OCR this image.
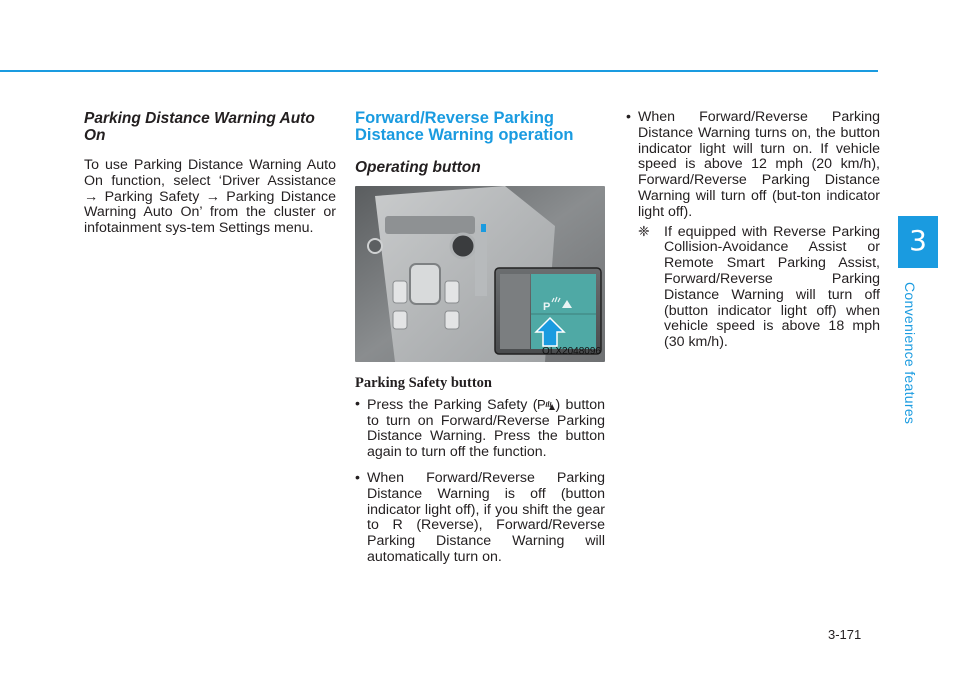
3
Convenience features
Parking Distance Warning Auto On

To use Parking Distance Warning Auto On function, select ‘Driver Assistance → Parking Safety → Parking Distance Warning Auto On’ from the cluster or infotainment sys-tem Settings menu.

Forward/Reverse Parking Distance Warning operation
Operating button
P
OLX2048096
Parking Safety button
• Press the Parking Safety ( P ) button to turn on Forward/Reverse Parking Distance Warning. Press the button again to turn off the function.
• When Forward/Reverse Parking Distance Warning is off (button indicator light off), if you shift the gear to R (Reverse), Forward/Reverse Parking Distance Warning will automatically turn on.
• When Forward/Reverse Parking Distance Warning turns on, the button indicator light will turn on. If vehicle speed is above 12 mph (20 km/h), Forward/Reverse Parking Distance Warning will turn off (but-ton indicator light off).
❈ If equipped with Reverse Parking Collision-Avoidance Assist or Remote Smart Parking Assist, Forward/Reverse Parking Distance Warning will turn off (button indicator light off) when vehicle speed is above 18 mph (30 km/h).
3-171
